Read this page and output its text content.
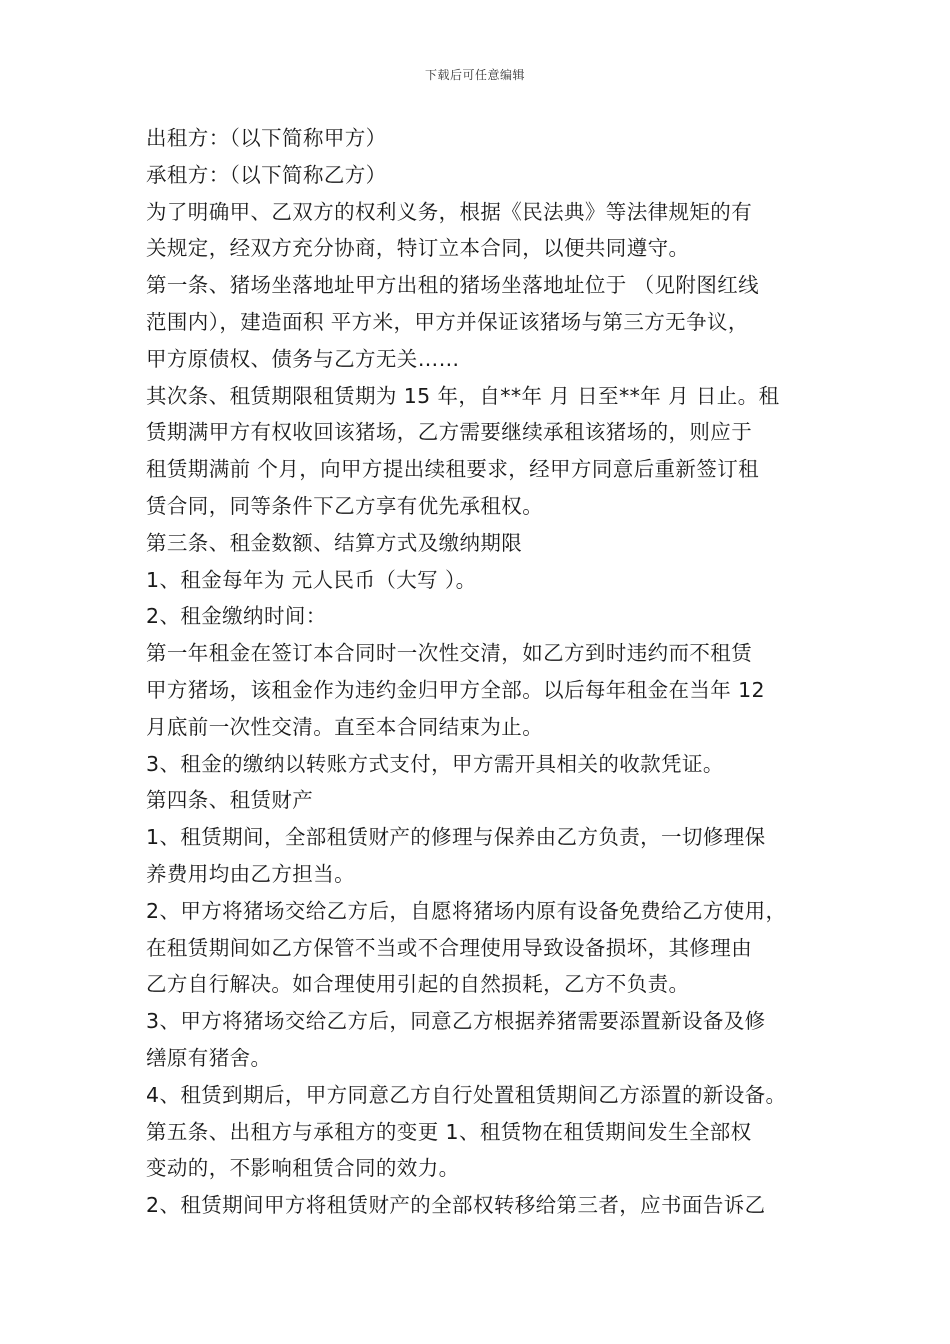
下载后可任意编辑
出租方：（以下简称甲方）
承租方：（以下简称乙方）
为了明确甲、乙双方的权利义务，根据《民法典》等法律规矩的有
关规定，经双方充分协商，特订立本合同，以便共同遵守。
第一条、猪场坐落地址甲方出租的猪场坐落地址位于 （见附图红线
范围内），建造面积 平方米，甲方并保证该猪场与第三方无争议，
甲方原债权、债务与乙方无关……
其次条、租赁期限租赁期为 15 年，自**年 月 日至**年 月 日止。租
赁期满甲方有权收回该猪场，乙方需要继续承租该猪场的，则应于
租赁期满前 个月，向甲方提出续租要求，经甲方同意后重新签订租
赁合同，同等条件下乙方享有优先承租权。
第三条、租金数额、结算方式及缴纳期限
1、租金每年为 元人民币（大写 ）。
2、租金缴纳时间：
第一年租金在签订本合同时一次性交清，如乙方到时违约而不租赁
甲方猪场，该租金作为违约金归甲方全部。以后每年租金在当年 12
月底前一次性交清。直至本合同结束为止。
3、租金的缴纳以转账方式支付，甲方需开具相关的收款凭证。
第四条、租赁财产
1、租赁期间，全部租赁财产的修理与保养由乙方负责，一切修理保
养费用均由乙方担当。
2、甲方将猪场交给乙方后，自愿将猪场内原有设备免费给乙方使用，
在租赁期间如乙方保管不当或不合理使用导致设备损坏，其修理由
乙方自行解决。如合理使用引起的自然损耗，乙方不负责。
3、甲方将猪场交给乙方后，同意乙方根据养猪需要添置新设备及修
缮原有猪舍。
4、租赁到期后，甲方同意乙方自行处置租赁期间乙方添置的新设备。
第五条、出租方与承租方的变更 1、租赁物在租赁期间发生全部权
变动的，不影响租赁合同的效力。
2、租赁期间甲方将租赁财产的全部权转移给第三者，应书面告诉乙
